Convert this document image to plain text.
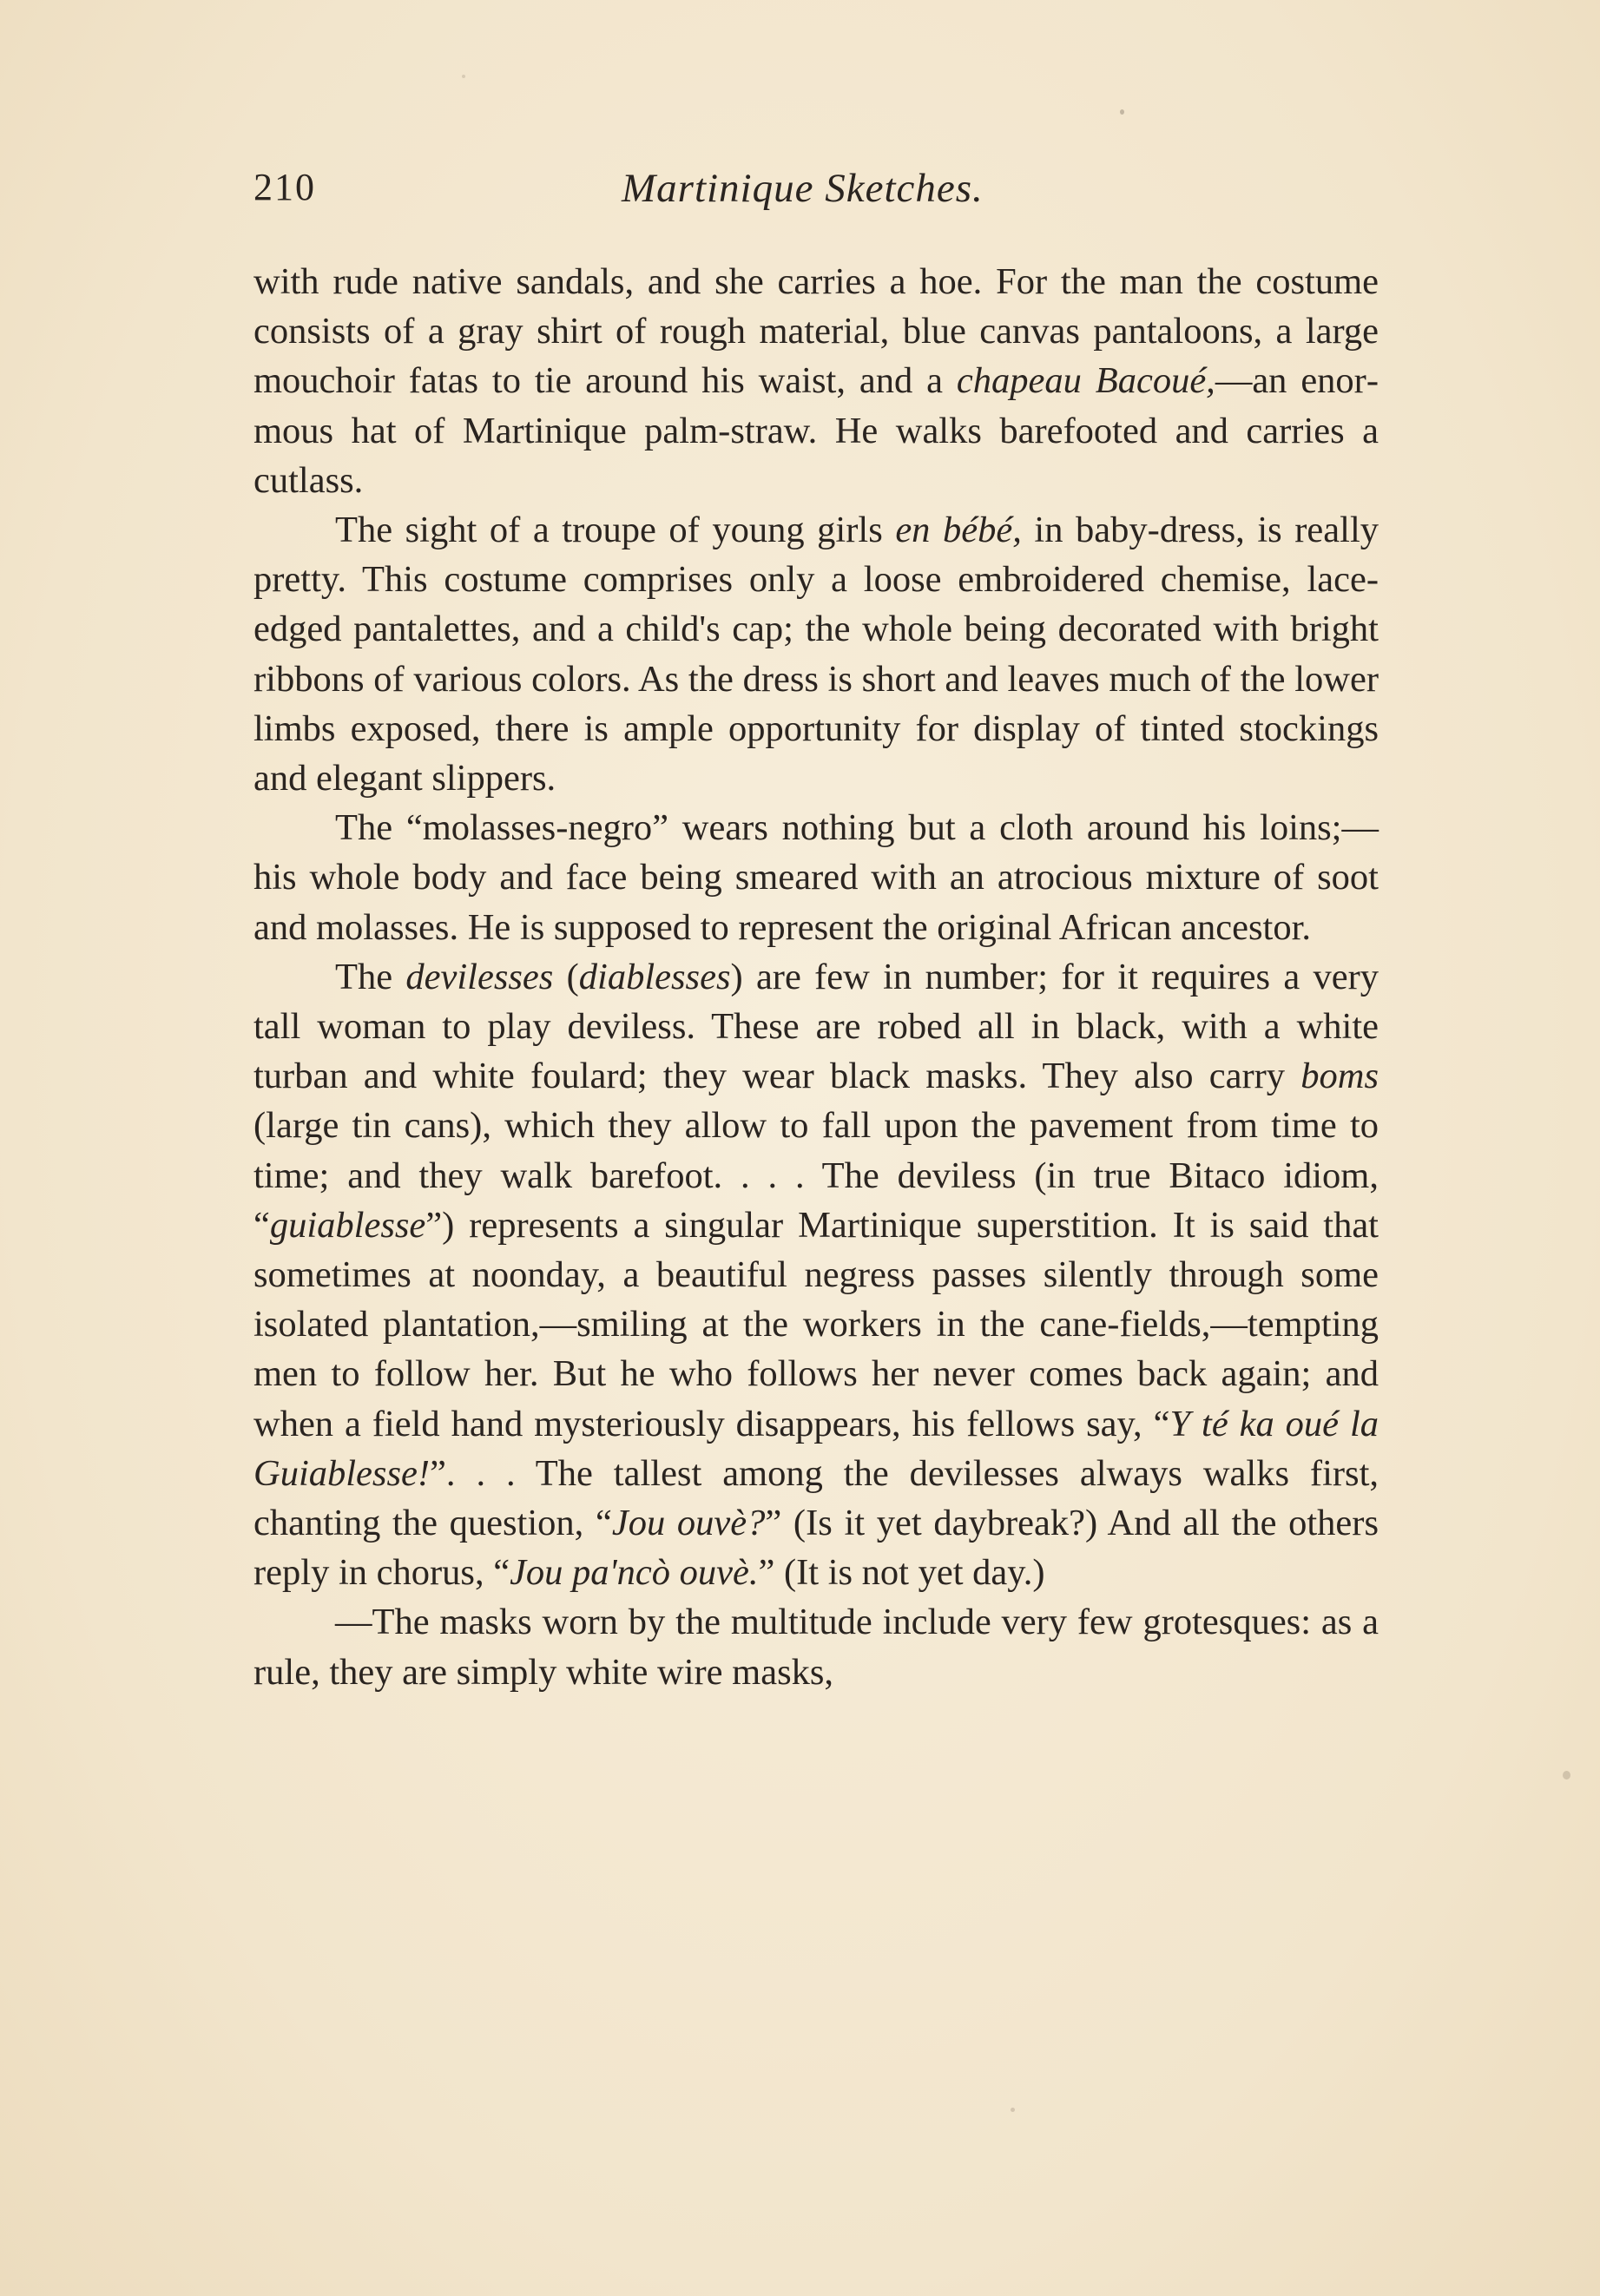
210	Martinique Sketches.

with rude native sandals, and she carries a hoe. For the man the costume consists of a gray shirt of rough material, blue canvas pantaloons, a large mouchoir fatas to tie around his waist, and a chapeau Bacoué,—an enormous hat of Martinique palm-straw. He walks barefooted and carries a cutlass.

The sight of a troupe of young girls en bébé, in baby-dress, is really pretty. This costume comprises only a loose embroidered chemise, lace-edged pantalettes, and a child's cap; the whole being decorated with bright ribbons of various colors. As the dress is short and leaves much of the lower limbs exposed, there is ample opportunity for display of tinted stockings and elegant slippers.

The “molasses-negro” wears nothing but a cloth around his loins;—his whole body and face being smeared with an atrocious mixture of soot and molasses. He is supposed to represent the original African ancestor.

The devilesses (diablesses) are few in number; for it requires a very tall woman to play deviless. These are robed all in black, with a white turban and white foulard; they wear black masks. They also carry boms (large tin cans), which they allow to fall upon the pavement from time to time; and they walk barefoot. . . . The deviless (in true Bitaco idiom, “guiablesse”) represents a singular Martinique superstition. It is said that sometimes at noonday, a beautiful negress passes silently through some isolated plantation,—smiling at the workers in the cane-fields,—tempting men to follow her. But he who follows her never comes back again; and when a field hand mysteriously disappears, his fellows say, “Y té ka oué la Guiablesse!”. . . The tallest among the devilesses always walks first, chanting the question, “Jou ouvè?” (Is it yet daybreak?) And all the others reply in chorus, “Jou pa'ncò ouvè.” (It is not yet day.)

—The masks worn by the multitude include very few grotesques: as a rule, they are simply white wire masks,
